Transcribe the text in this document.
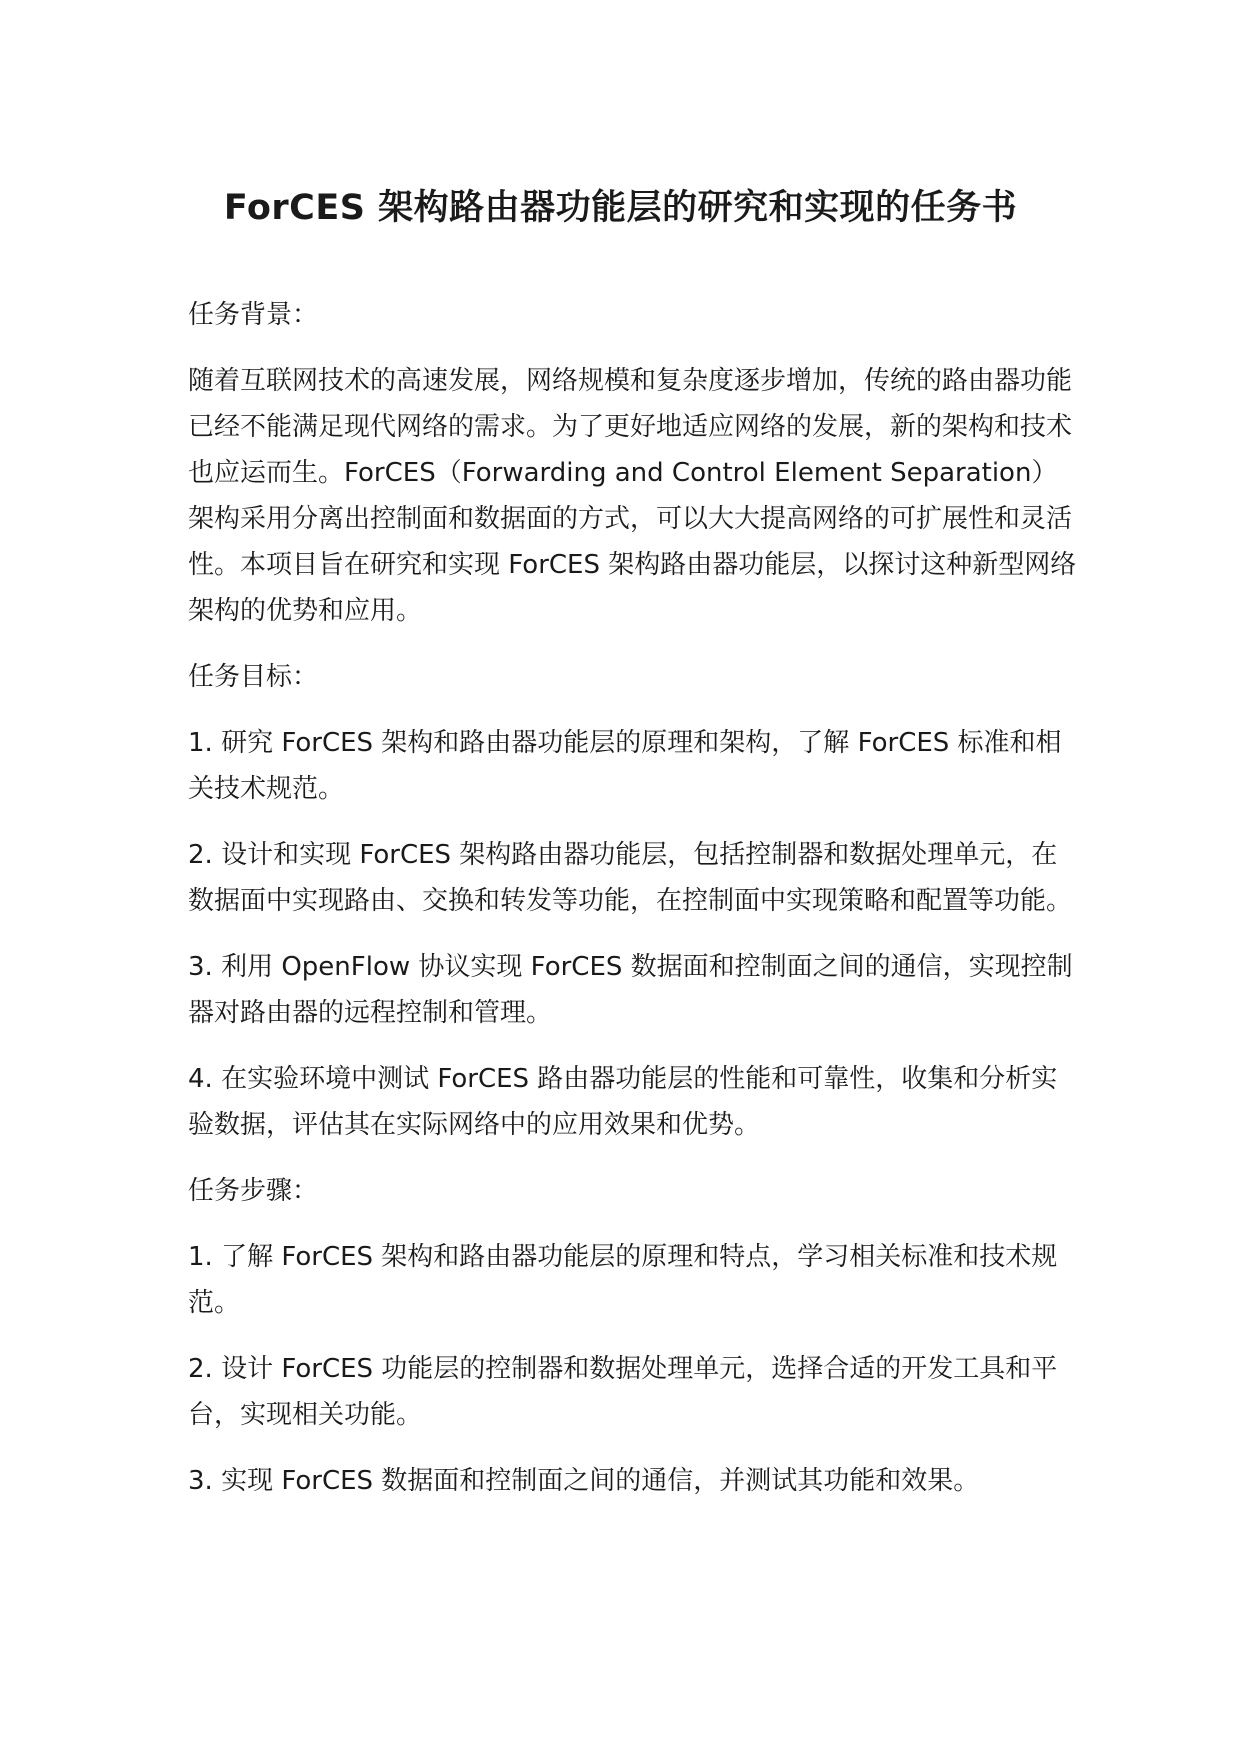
ForCES 架构路由器功能层的研究和实现的任务书

任务背景：

随着互联网技术的高速发展，网络规模和复杂度逐步增加，传统的路由器功能已经不能满足现代网络的需求。为了更好地适应网络的发展，新的架构和技术也应运而生。ForCES（Forwarding and Control Element Separation）架构采用分离出控制面和数据面的方式，可以大大提高网络的可扩展性和灵活性。本项目旨在研究和实现 ForCES 架构路由器功能层，以探讨这种新型网络架构的优势和应用。

任务目标：

1. 研究 ForCES 架构和路由器功能层的原理和架构，了解 ForCES 标准和相关技术规范。

2. 设计和实现 ForCES 架构路由器功能层，包括控制器和数据处理单元，在数据面中实现路由、交换和转发等功能，在控制面中实现策略和配置等功能。

3. 利用 OpenFlow 协议实现 ForCES 数据面和控制面之间的通信，实现控制器对路由器的远程控制和管理。

4. 在实验环境中测试 ForCES 路由器功能层的性能和可靠性，收集和分析实验数据，评估其在实际网络中的应用效果和优势。

任务步骤：

1. 了解 ForCES 架构和路由器功能层的原理和特点，学习相关标准和技术规范。

2. 设计 ForCES 功能层的控制器和数据处理单元，选择合适的开发工具和平台，实现相关功能。

3. 实现 ForCES 数据面和控制面之间的通信，并测试其功能和效果。
